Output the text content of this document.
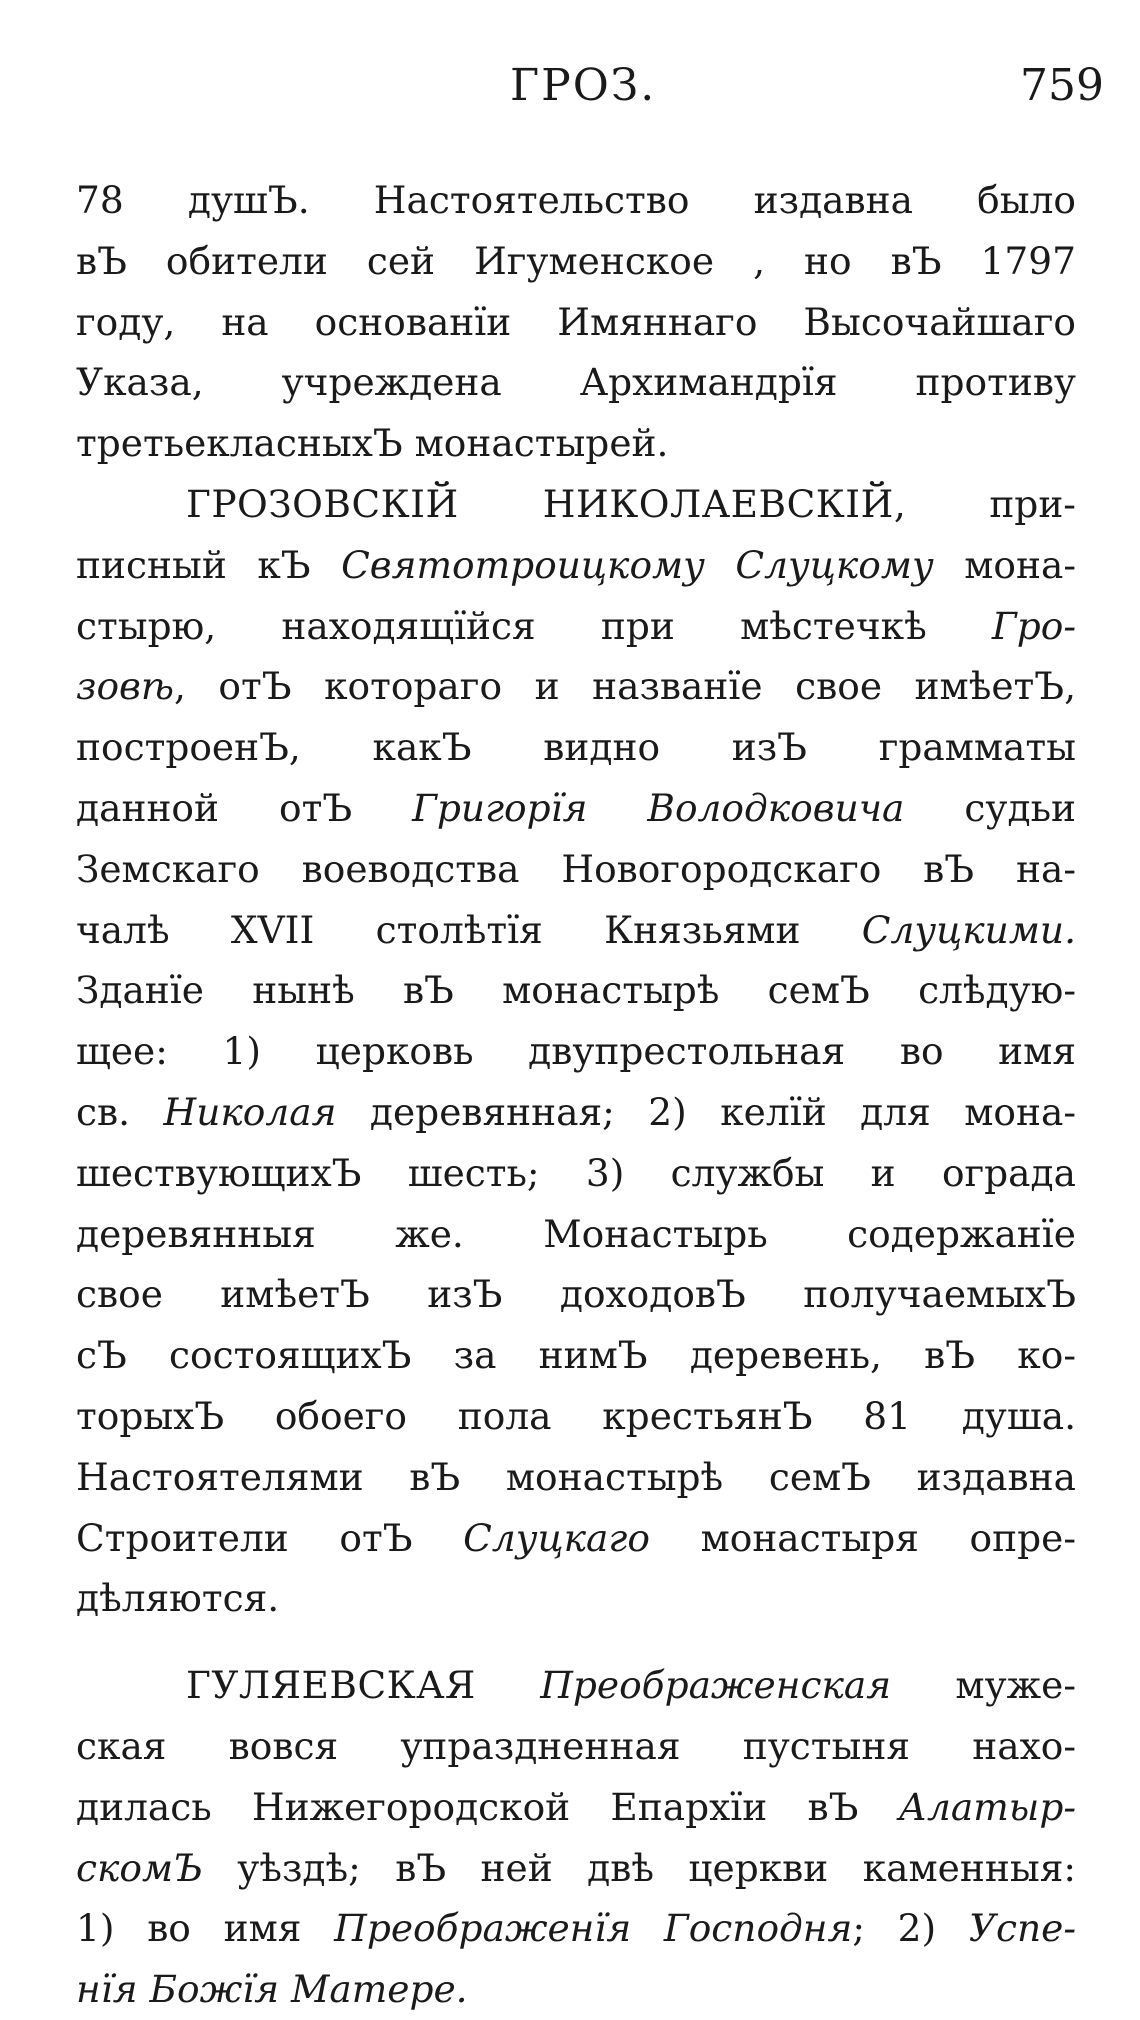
ГРОЗ.	759
78 душЪ. Настоятельство издавна было
вЪ обители сей Игуменское , но вЪ 1797
году, на основанїи Имяннаго Высочайшаго
Указа, учреждена Архимандрїя противу
третьекласныхЪ монастырей.
ГРОЗОВСКIЙ НИКОЛАЕВСКIЙ, при-
писный кЪ Святотроицкому Слуцкому мона-
стырю, находящїйся при мѣстечкѣ Гро-
зовѣ, отЪ котораго и названїе свое имѣетЪ,
построенЪ, какЪ видно изЪ грамматы
данной отЪ Григорїя Володковича судьи
Земскаго воеводства Новогородскаго вЪ на-
чалѣ XVII столѣтїя Князьями Слуцкими.
Зданїе нынѣ вЪ монастырѣ семЪ слѣдую-
щее: 1) церковь двупрестольная во имя
св. Николая деревянная; 2) келїй для мона-
шествующихЪ шесть; 3) службы и ограда
деревянныя же. Монастырь содержанїе
свое имѣетЪ изЪ доходовЪ получаемыхЪ
сЪ состоящихЪ за нимЪ деревень, вЪ ко-
торыхЪ обоего пола крестьянЪ 81 душа.
Настоятелями вЪ монастырѣ семЪ издавна
Строители отЪ Слуцкаго монастыря опре-
дѣляются.
ГУЛЯЕВСКАЯ Преображенская муже-
ская вовся упраздненная пустыня нахо-
дилась Нижегородской Епархїи вЪ Алатыр-
скомЪ уѣздѣ; вЪ ней двѣ церкви каменныя:
1) во имя Преображенїя Господня; 2) Успе-
нїя Божїя Матере.
